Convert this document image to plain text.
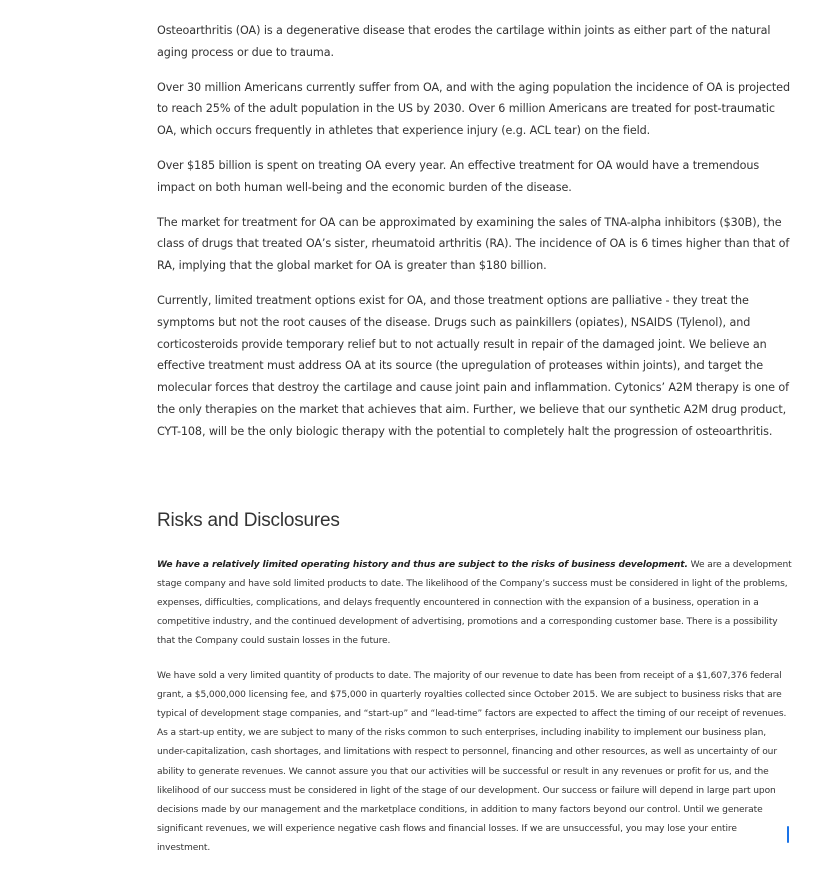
Osteoarthritis (OA) is a degenerative disease that erodes the cartilage within joints as either part of the natural aging process or due to trauma.

Over 30 million Americans currently suffer from OA, and with the aging population the incidence of OA is projected to reach 25% of the adult population in the US by 2030. Over 6 million Americans are treated for post-traumatic OA, which occurs frequently in athletes that experience injury (e.g. ACL tear) on the field.

Over $185 billion is spent on treating OA every year. An effective treatment for OA would have a tremendous impact on both human well-being and the economic burden of the disease.

The market for treatment for OA can be approximated by examining the sales of TNA-alpha inhibitors ($30B), the class of drugs that treated OA’s sister, rheumatoid arthritis (RA). The incidence of OA is 6 times higher than that of RA, implying that the global market for OA is greater than $180 billion.

Currently, limited treatment options exist for OA, and those treatment options are palliative - they treat the symptoms but not the root causes of the disease. Drugs such as painkillers (opiates), NSAIDS (Tylenol), and corticosteroids provide temporary relief but to not actually result in repair of the damaged joint. We believe an effective treatment must address OA at its source (the upregulation of proteases within joints), and target the molecular forces that destroy the cartilage and cause joint pain and inflammation. Cytonics’ A2M therapy is one of the only therapies on the market that achieves that aim. Further, we believe that our synthetic A2M drug product, CYT-108, will be the only biologic therapy with the potential to completely halt the progression of osteoarthritis.

Risks and Disclosures

We have a relatively limited operating history and thus are subject to the risks of business development. We are a development stage company and have sold limited products to date. The likelihood of the Company’s success must be considered in light of the problems, expenses, difficulties, complications, and delays frequently encountered in connection with the expansion of a business, operation in a competitive industry, and the continued development of advertising, promotions and a corresponding customer base. There is a possibility that the Company could sustain losses in the future.

We have sold a very limited quantity of products to date. The majority of our revenue to date has been from receipt of a $1,607,376 federal grant, a $5,000,000 licensing fee, and $75,000 in quarterly royalties collected since October 2015. We are subject to business risks that are typical of development stage companies, and “start-up” and “lead-time” factors are expected to affect the timing of our receipt of revenues. As a start-up entity, we are subject to many of the risks common to such enterprises, including inability to implement our business plan, under-capitalization, cash shortages, and limitations with respect to personnel, financing and other resources, as well as uncertainty of our ability to generate revenues. We cannot assure you that our activities will be successful or result in any revenues or profit for us, and the likelihood of our success must be considered in light of the stage of our development. Our success or failure will depend in large part upon decisions made by our management and the marketplace conditions, in addition to many factors beyond our control. Until we generate significant revenues, we will experience negative cash flows and financial losses. If we are unsuccessful, you may lose your entire investment.
